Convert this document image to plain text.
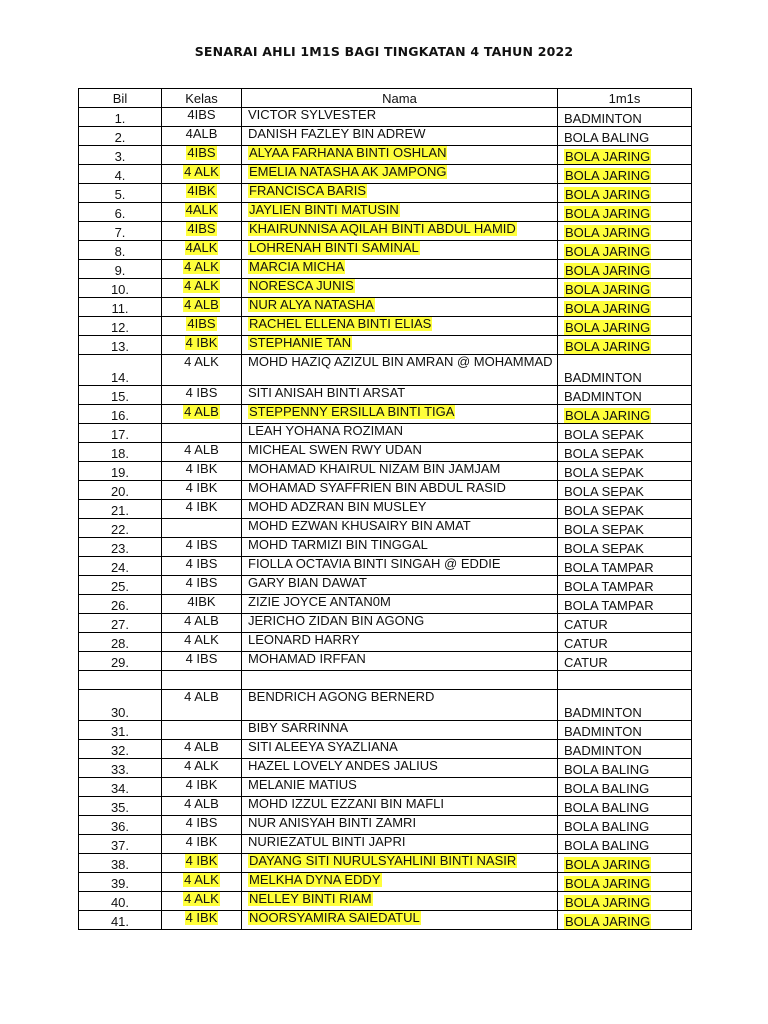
SENARAI AHLI 1M1S BAGI TINGKATAN 4 TAHUN 2022
Bil	Kelas	Nama	1m1s
1.	4IBS	VICTOR SYLVESTER	BADMINTON
2.	4ALB	DANISH FAZLEY BIN ADREW	BOLA BALING
3.	4IBS	ALYAA FARHANA BINTI OSHLAN	BOLA JARING
4.	4 ALK	EMELIA NATASHA AK JAMPONG	BOLA JARING
5.	4IBK	FRANCISCA BARIS	BOLA JARING
6.	4ALK	JAYLIEN BINTI MATUSIN	BOLA JARING
7.	4IBS	KHAIRUNNISA AQILAH BINTI ABDUL HAMID	BOLA JARING
8.	4ALK	LOHRENAH BINTI SAMINAL	BOLA JARING
9.	4 ALK	MARCIA MICHA	BOLA JARING
10.	4 ALK	NORESCA JUNIS	BOLA JARING
11.	4 ALB	NUR ALYA NATASHA	BOLA JARING
12.	4IBS	RACHEL ELLENA BINTI ELIAS	BOLA JARING
13.	4 IBK	STEPHANIE TAN	BOLA JARING
14.	4 ALK	MOHD HAZIQ AZIZUL BIN AMRAN @ MOHAMMAD	BADMINTON
15.	4 IBS	SITI ANISAH BINTI ARSAT	BADMINTON
16.	4 ALB	STEPPENNY ERSILLA BINTI TIGA	BOLA JARING
17.		LEAH YOHANA ROZIMAN	BOLA SEPAK
18.	4 ALB	MICHEAL SWEN RWY UDAN	BOLA SEPAK
19.	4 IBK	MOHAMAD KHAIRUL NIZAM BIN JAMJAM	BOLA SEPAK
20.	4 IBK	MOHAMAD SYAFFRIEN BIN ABDUL RASID	BOLA SEPAK
21.	4 IBK	MOHD ADZRAN BIN MUSLEY	BOLA SEPAK
22.		MOHD EZWAN KHUSAIRY BIN AMAT	BOLA SEPAK
23.	4 IBS	MOHD TARMIZI BIN TINGGAL	BOLA SEPAK
24.	4 IBS	FIOLLA OCTAVIA BINTI SINGAH @ EDDIE	BOLA TAMPAR
25.	4 IBS	GARY BIAN DAWAT	BOLA TAMPAR
26.	4IBK	ZIZIE JOYCE ANTAN0M	BOLA TAMPAR
27.	4 ALB	JERICHO ZIDAN BIN AGONG	CATUR
28.	4 ALK	LEONARD HARRY	CATUR
29.	4 IBS	MOHAMAD IRFFAN	CATUR

30.	4 ALB	BENDRICH AGONG BERNERD	BADMINTON
31.		BIBY SARRINNA	BADMINTON
32.	4 ALB	SITI ALEEYA SYAZLIANA	BADMINTON
33.	4 ALK	HAZEL LOVELY ANDES JALIUS	BOLA BALING
34.	4 IBK	MELANIE MATIUS	BOLA BALING
35.	4 ALB	MOHD IZZUL EZZANI BIN MAFLI	BOLA BALING
36.	4 IBS	NUR ANISYAH BINTI ZAMRI	BOLA BALING
37.	4 IBK	NURIEZATUL BINTI JAPRI	BOLA BALING
38.	4 IBK	DAYANG SITI NURULSYAHLINI BINTI NASIR	BOLA JARING
39.	4 ALK	MELKHA DYNA EDDY	BOLA JARING
40.	4 ALK	NELLEY BINTI RIAM	BOLA JARING
41.	4 IBK	NOORSYAMIRA SAIEDATUL	BOLA JARING
